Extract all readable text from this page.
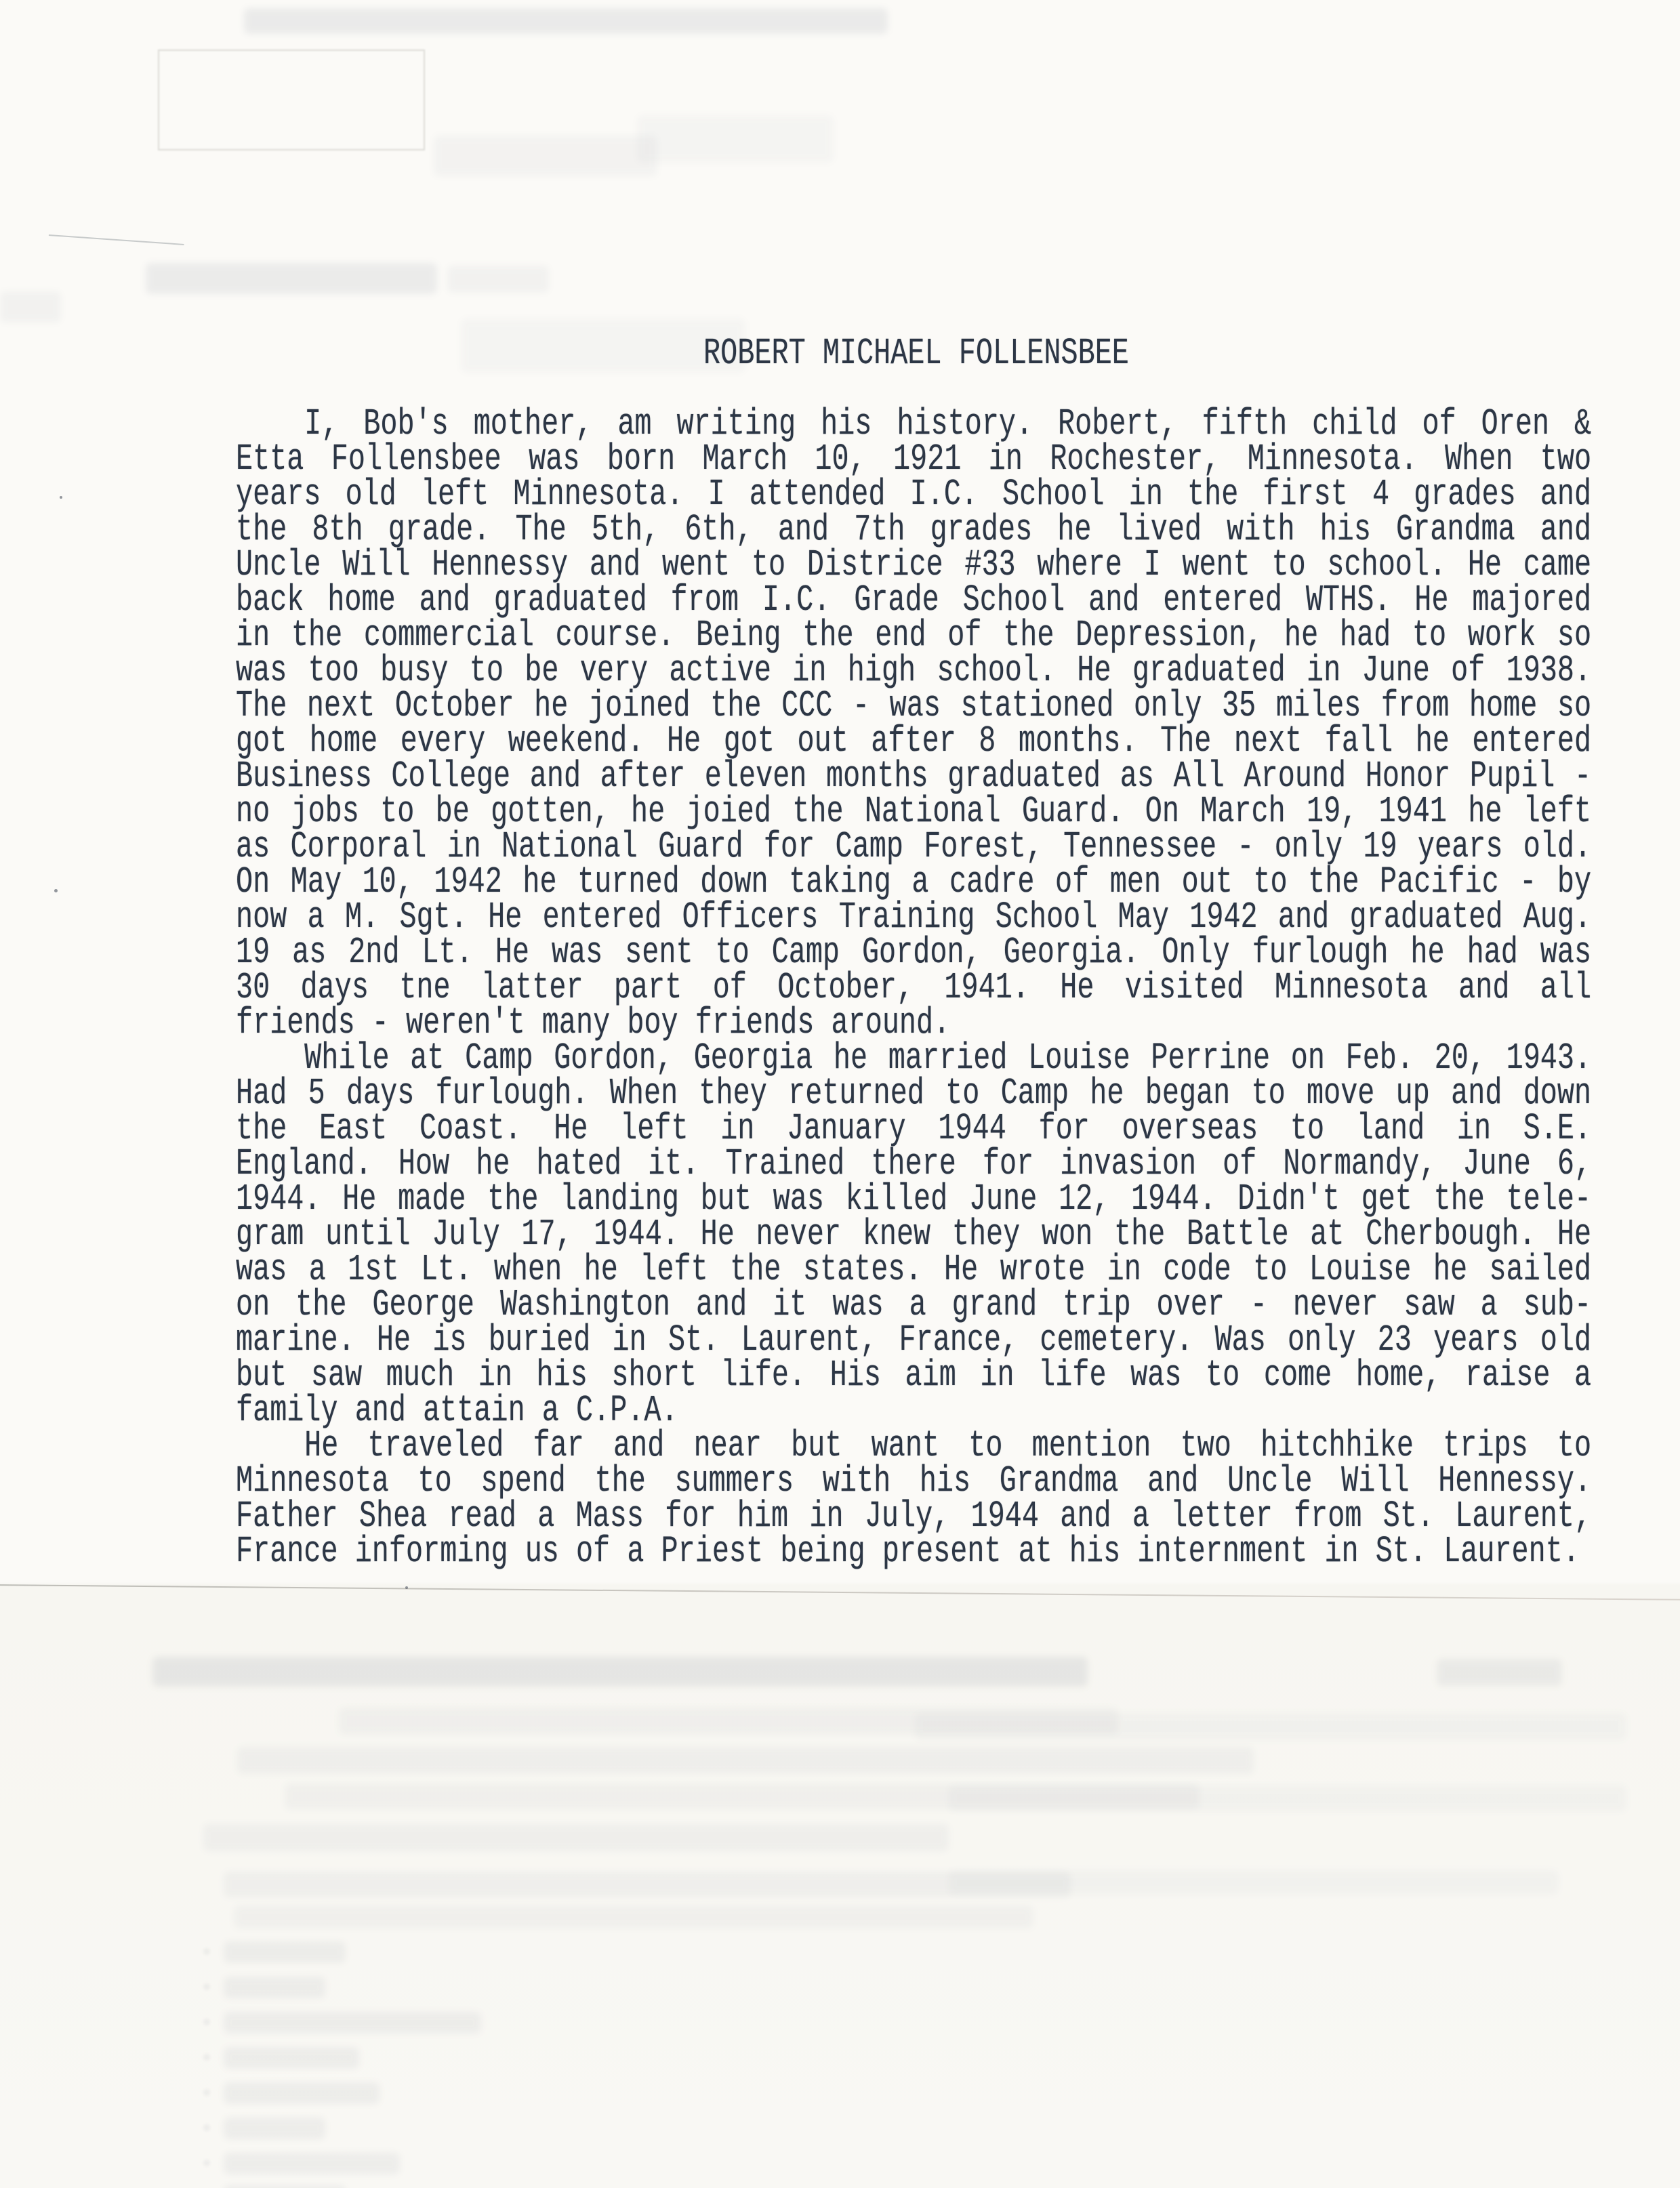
ROBERT MICHAEL FOLLENSBEE
I, Bob's mother, am writing his history. Robert, fifth child of Oren &
Etta Follensbee was born March 10, 1921 in Rochester, Minnesota. When two
years old left Minnesota. I attended I.C. School in the first 4 grades and
the 8th grade. The 5th, 6th, and 7th grades he lived with his Grandma and
Uncle Will Hennessy and went to Districe #33 where I went to school. He came
back home and graduated from I.C. Grade School and entered WTHS. He majored
in the commercial course. Being the end of the Depression, he had to work so
was too busy to be very active in high school. He graduated in June of 1938.
The next October he joined the CCC - was stationed only 35 miles from home so
got home every weekend. He got out after 8 months. The next fall he entered
Business College and after eleven months graduated as All Around Honor Pupil -
no jobs to be gotten, he joied the National Guard. On March 19, 1941 he left
as Corporal in National Guard for Camp Forest, Tennessee - only 19 years old.
On May 10, 1942 he turned down taking a cadre of men out to the Pacific - by
now a M. Sgt. He entered Officers Training School May 1942 and graduated Aug.
19 as 2nd Lt. He was sent to Camp Gordon, Georgia. Only furlough he had was
30 days tne latter part of October, 1941. He visited Minnesota and all
friends - weren't many boy friends around.
While at Camp Gordon, Georgia he married Louise Perrine on Feb. 20, 1943.
Had 5 days furlough. When they returned to Camp he began to move up and down
the East Coast. He left in January 1944 for overseas to land in S.E.
England. How he hated it. Trained there for invasion of Normandy, June 6,
1944. He made the landing but was killed June 12, 1944. Didn't get the tele-
gram until July 17, 1944. He never knew they won the Battle at Cherbough. He
was a 1st Lt. when he left the states. He wrote in code to Louise he sailed
on the George Washington and it was a grand trip over - never saw a sub-
marine. He is buried in St. Laurent, France, cemetery. Was only 23 years old
but saw much in his short life. His aim in life was to come home, raise a
family and attain a C.P.A.
He traveled far and near but want to mention two hitchhike trips to
Minnesota to spend the summers with his Grandma and Uncle Will Hennessy.
Father Shea read a Mass for him in July, 1944 and a letter from St. Laurent,
France informing us of a Priest being present at his internment in St. Laurent.
